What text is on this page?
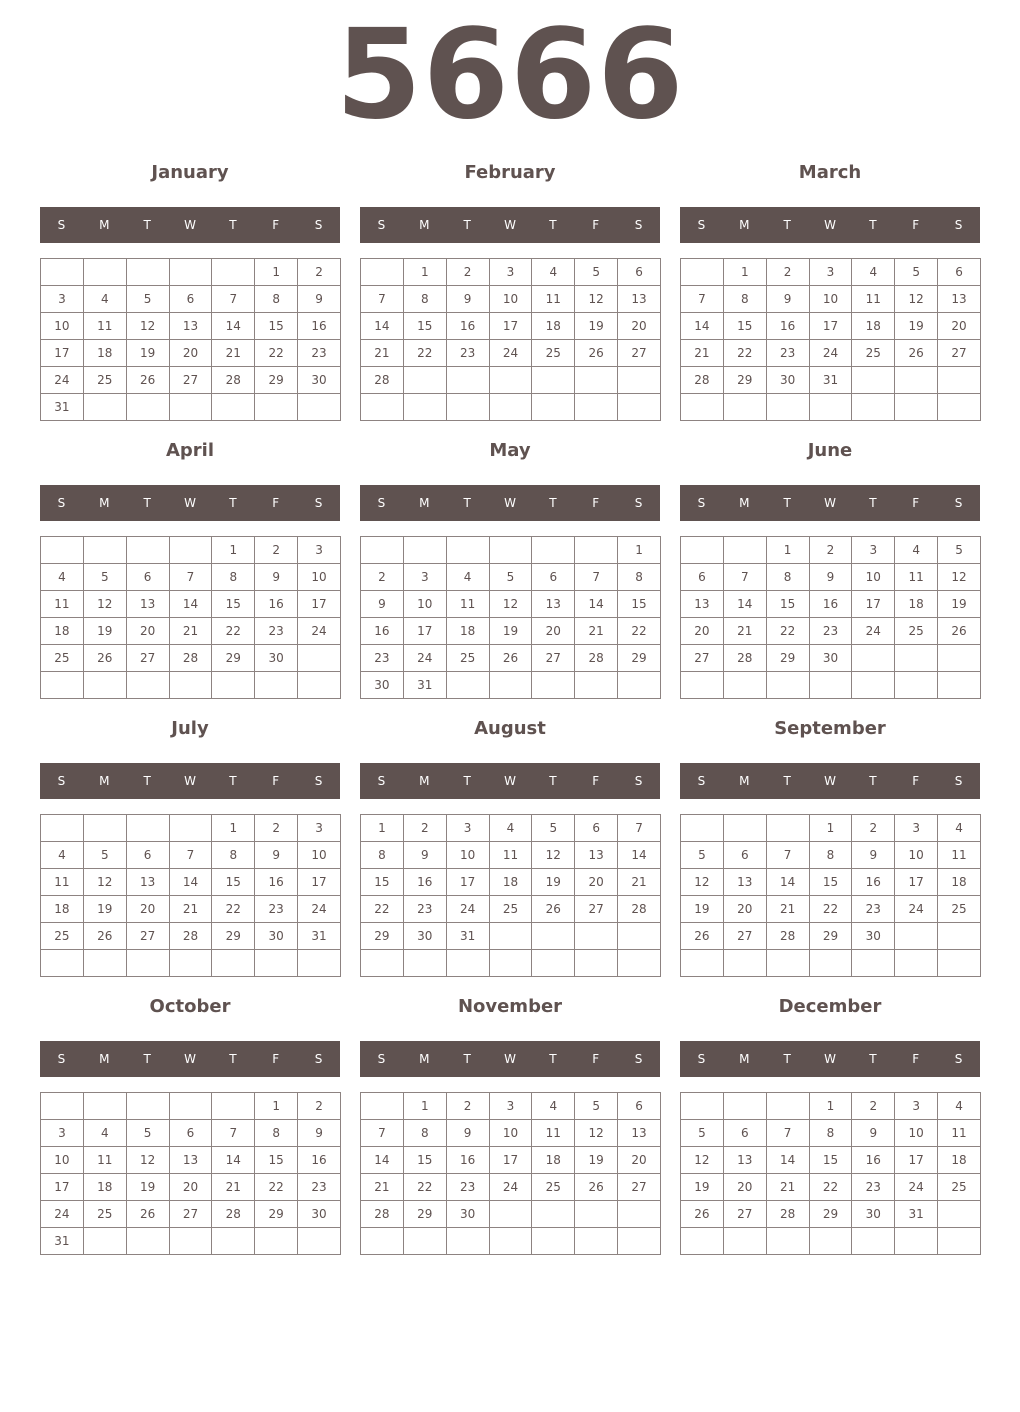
5666
January
S	M	T	W	T	F	S
					1	2
3	4	5	6	7	8	9
10	11	12	13	14	15	16
17	18	19	20	21	22	23
24	25	26	27	28	29	30
31						
February
S	M	T	W	T	F	S
	1	2	3	4	5	6
7	8	9	10	11	12	13
14	15	16	17	18	19	20
21	22	23	24	25	26	27
28						

March
S	M	T	W	T	F	S
	1	2	3	4	5	6
7	8	9	10	11	12	13
14	15	16	17	18	19	20
21	22	23	24	25	26	27
28	29	30	31			

April
S	M	T	W	T	F	S
				1	2	3
4	5	6	7	8	9	10
11	12	13	14	15	16	17
18	19	20	21	22	23	24
25	26	27	28	29	30	

May
S	M	T	W	T	F	S
						1
2	3	4	5	6	7	8
9	10	11	12	13	14	15
16	17	18	19	20	21	22
23	24	25	26	27	28	29
30	31					
June
S	M	T	W	T	F	S
		1	2	3	4	5
6	7	8	9	10	11	12
13	14	15	16	17	18	19
20	21	22	23	24	25	26
27	28	29	30			

July
S	M	T	W	T	F	S
				1	2	3
4	5	6	7	8	9	10
11	12	13	14	15	16	17
18	19	20	21	22	23	24
25	26	27	28	29	30	31

August
S	M	T	W	T	F	S
1	2	3	4	5	6	7
8	9	10	11	12	13	14
15	16	17	18	19	20	21
22	23	24	25	26	27	28
29	30	31				

September
S	M	T	W	T	F	S
			1	2	3	4
5	6	7	8	9	10	11
12	13	14	15	16	17	18
19	20	21	22	23	24	25
26	27	28	29	30		

October
S	M	T	W	T	F	S
					1	2
3	4	5	6	7	8	9
10	11	12	13	14	15	16
17	18	19	20	21	22	23
24	25	26	27	28	29	30
31						
November
S	M	T	W	T	F	S
	1	2	3	4	5	6
7	8	9	10	11	12	13
14	15	16	17	18	19	20
21	22	23	24	25	26	27
28	29	30				

December
S	M	T	W	T	F	S
			1	2	3	4
5	6	7	8	9	10	11
12	13	14	15	16	17	18
19	20	21	22	23	24	25
26	27	28	29	30	31	
